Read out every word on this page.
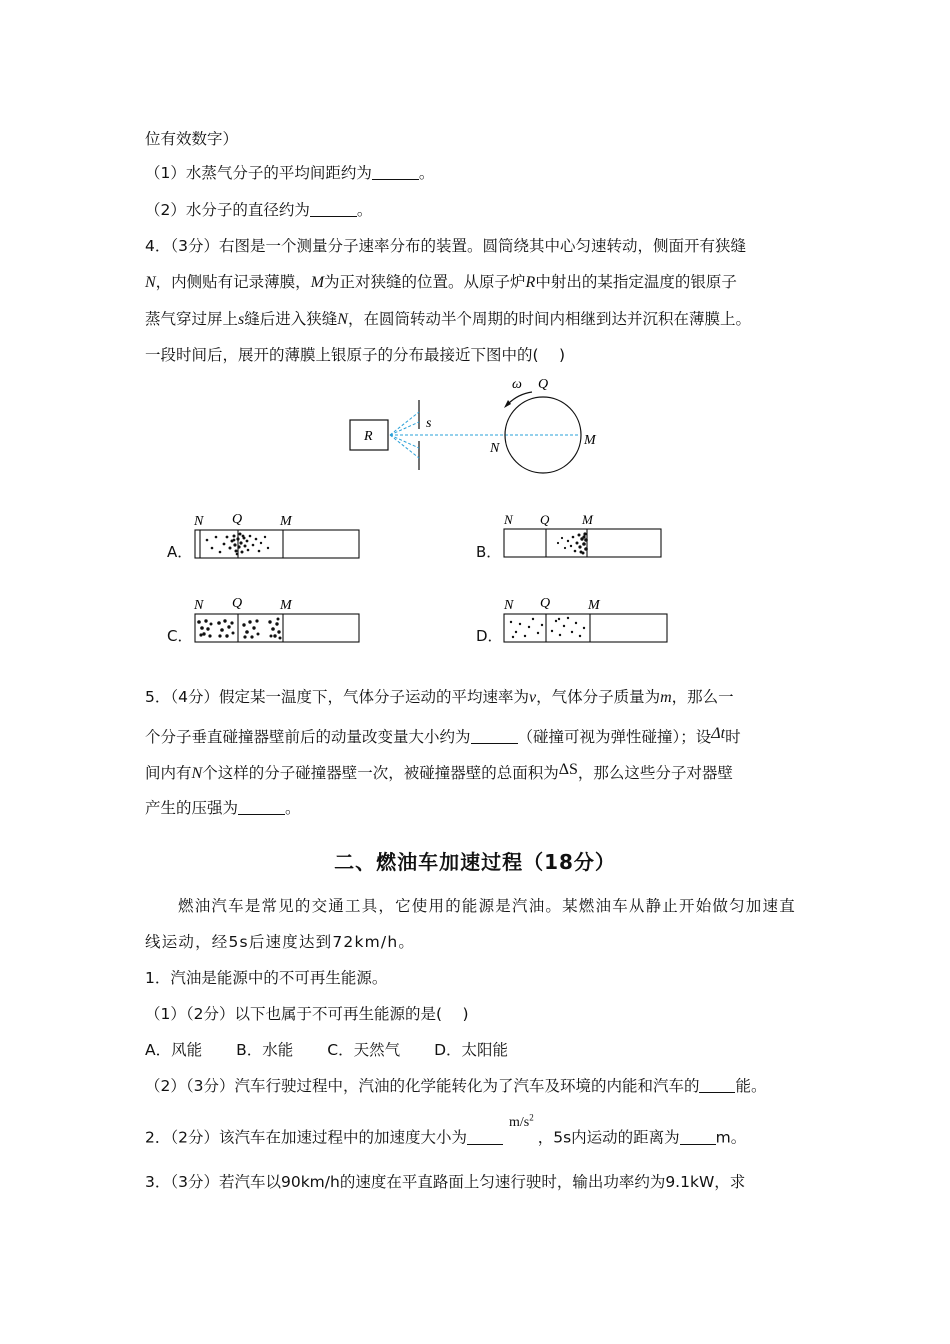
位有效数字）
（1）水蒸气分子的平均间距约为	。
（2）水分子的直径约为	。
4．（3分）右图是一个测量分子速率分布的装置。圆筒绕其中心匀速转动，侧面开有狭缝
N，内侧贴有记录薄膜，M为正对狭缝的位置。从原子炉R中射出的某指定温度的银原子
蒸气穿过屏上s缝后进入狭缝N，在圆筒转动半个周期的时间内相继到达并沉积在薄膜上。
一段时间后，展开的薄膜上银原子的分布最接近下图中的(　 )
R
s
N
M
ω Q
A．
N Q	M
B．
N Q	M
C．
N Q	M
D．
N Q	M
5．（4分）假定某一温度下，气体分子运动的平均速率为v，气体分子质量为m，那么一
个分子垂直碰撞器壁前后的动量改变量大小约为	（碰撞可视为弹性碰撞）；设Δt时
间内有N个这样的分子碰撞器壁一次，被碰撞器壁的总面积为ΔS，那么这些分子对器壁
产生的压强为	。
二、燃油车加速过程（18分）
燃油汽车是常见的交通工具，它使用的能源是汽油。某燃油车从静止开始做匀加速直
线运动，经5s后速度达到72km/h。
1．汽油是能源中的不可再生能源。
（1）（2分）以下也属于不可再生能源的是(　 )
A．风能 B．水能 C．天然气 D．太阳能
（2）（3分）汽车行驶过程中，汽油的化学能转化为了汽车及环境的内能和汽车的 能。
2．（2分）该汽车在加速过程中的加速度大小为$m/s^2$，5s内运动的距离为 m。
3．（3分）若汽车以90km/h的速度在平直路面上匀速行驶时，输出功率约为9.1kW，求
